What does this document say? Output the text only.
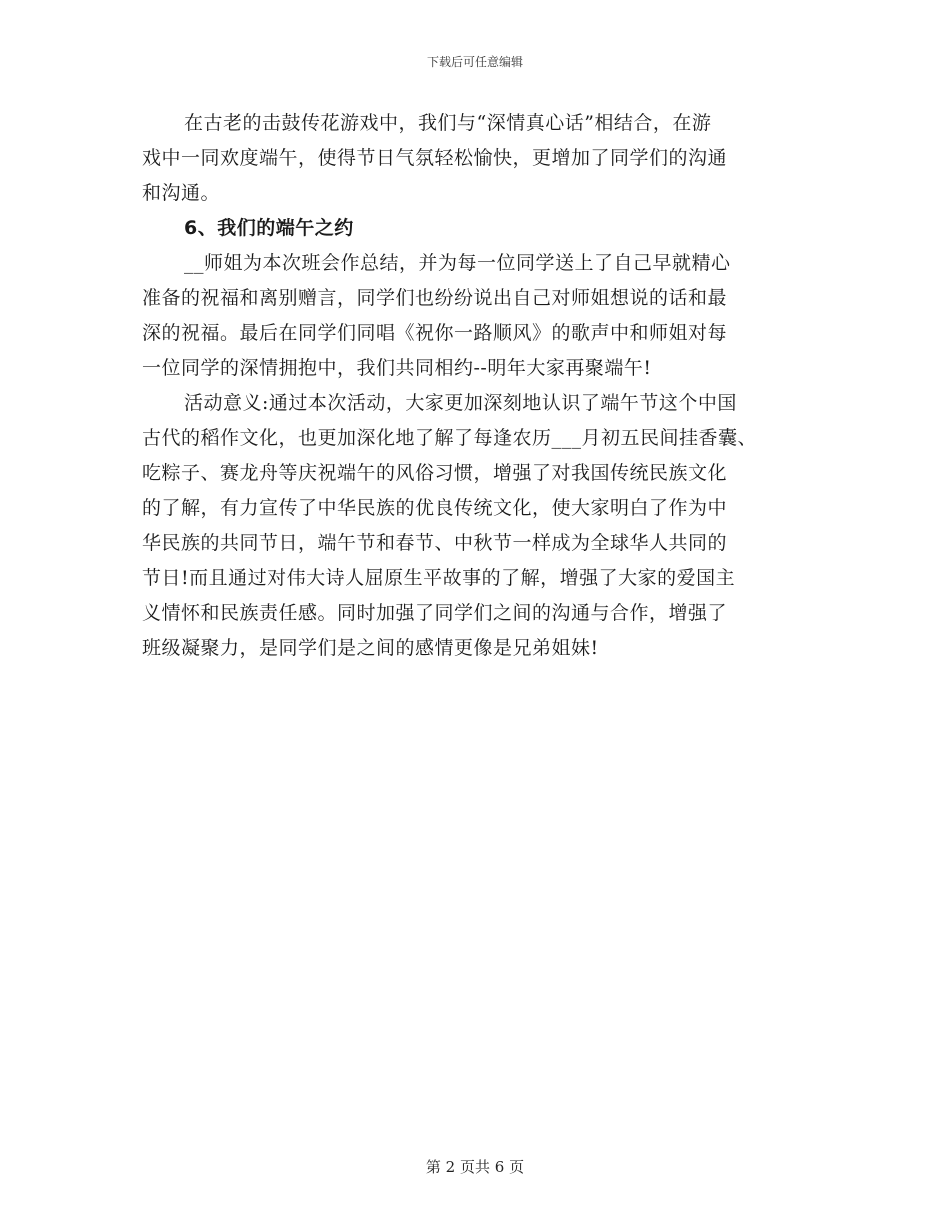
下载后可任意编辑
在古老的击鼓传花游戏中，我们与“深情真心话”相结合，在游
戏中一同欢度端午，使得节日气氛轻松愉快，更增加了同学们的沟通
和沟通。
6、我们的端午之约
__师姐为本次班会作总结，并为每一位同学送上了自己早就精心
准备的祝福和离别赠言，同学们也纷纷说出自己对师姐想说的话和最
深的祝福。最后在同学们同唱《祝你一路顺风》的歌声中和师姐对每
一位同学的深情拥抱中，我们共同相约--明年大家再聚端午!
活动意义:通过本次活动，大家更加深刻地认识了端午节这个中国
古代的稻作文化，也更加深化地了解了每逢农历___月初五民间挂香囊、
吃粽子、赛龙舟等庆祝端午的风俗习惯，增强了对我国传统民族文化
的了解，有力宣传了中华民族的优良传统文化，使大家明白了作为中
华民族的共同节日，端午节和春节、中秋节一样成为全球华人共同的
节日!而且通过对伟大诗人屈原生平故事的了解，增强了大家的爱国主
义情怀和民族责任感。同时加强了同学们之间的沟通与合作，增强了
班级凝聚力，是同学们是之间的感情更像是兄弟姐妹!
第 2 页共 6 页
